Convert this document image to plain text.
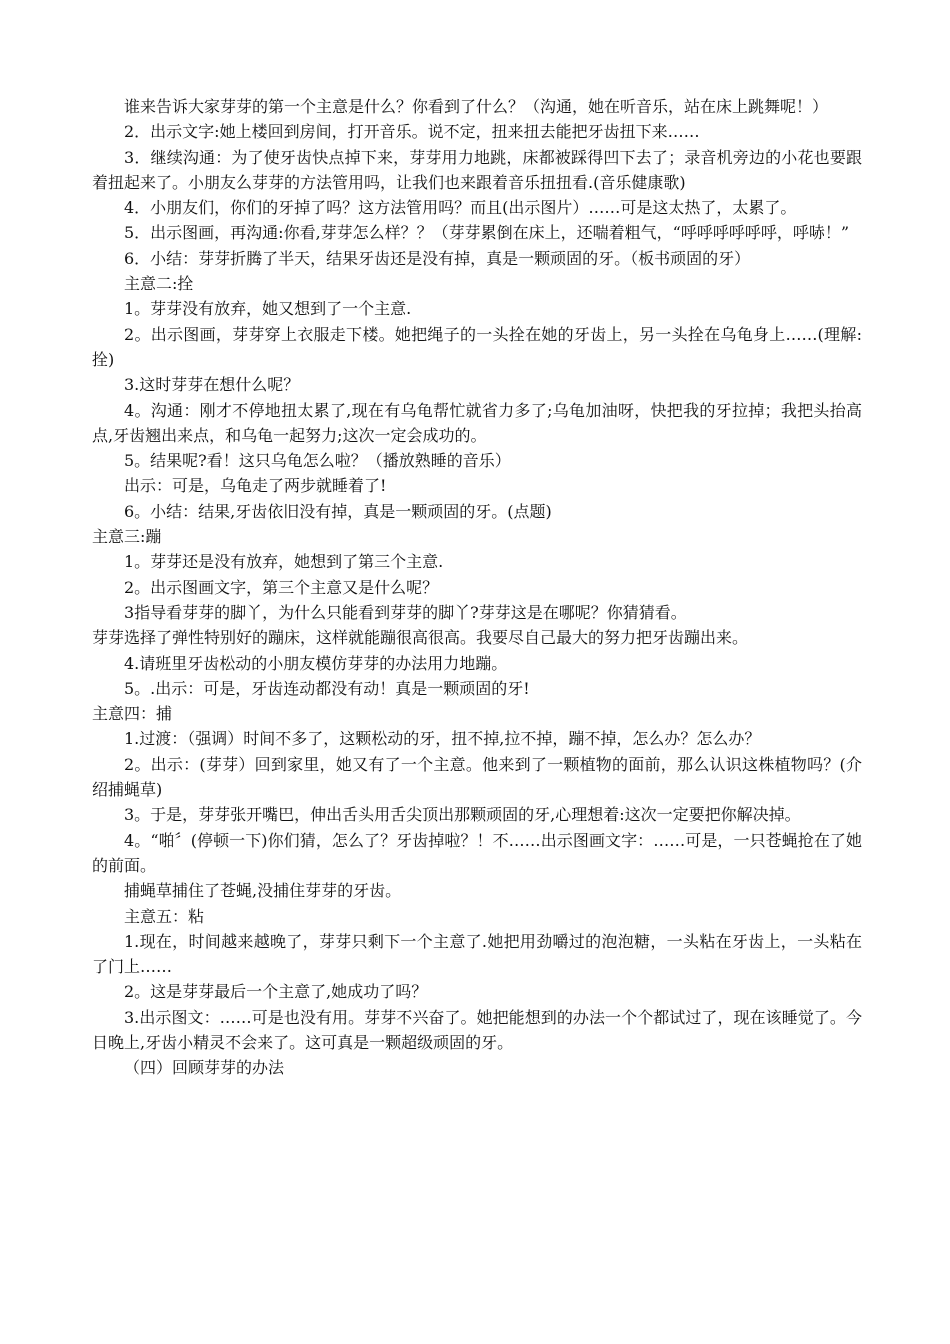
谁来告诉大家芽芽的第一个主意是什么？你看到了什么？（沟通，她在听音乐，站在床上跳舞呢！）

2．出示文字:她上楼回到房间，打开音乐。说不定，扭来扭去能把牙齿扭下来……

3．继续沟通：为了使牙齿快点掉下来，芽芽用力地跳，床都被踩得凹下去了；录音机旁边的小花也要跟着扭起来了。小朋友么芽芽的方法管用吗，让我们也来跟着音乐扭扭看.(音乐健康歌)

4．小朋友们，你们的牙掉了吗？这方法管用吗？而且(出示图片）……可是这太热了，太累了。

5．出示图画，再沟通:你看,芽芽怎么样？？（芽芽累倒在床上，还喘着粗气，“呼呼呼呼呼呼，呼哧！”

6．小结：芽芽折腾了半天，结果牙齿还是没有掉，真是一颗顽固的牙。（板书顽固的牙）

主意二:拴

1。芽芽没有放弃，她又想到了一个主意.

2。出示图画，芽芽穿上衣服走下楼。她把绳子的一头拴在她的牙齿上，另一头拴在乌龟身上……(理解:拴)

3.这时芽芽在想什么呢？

4。沟通：刚才不停地扭太累了,现在有乌龟帮忙就省力多了;乌龟加油呀，快把我的牙拉掉；我把头抬高点,牙齿翘出来点，和乌龟一起努力;这次一定会成功的。

5。结果呢?看！这只乌龟怎么啦？（播放熟睡的音乐）

出示：可是，乌龟走了两步就睡着了!

6。小结：结果,牙齿依旧没有掉，真是一颗顽固的牙。(点题)

主意三:蹦

1。芽芽还是没有放弃，她想到了第三个主意.

2。出示图画文字，第三个主意又是什么呢？

3指导看芽芽的脚丫，为什么只能看到芽芽的脚丫?芽芽这是在哪呢？你猜猜看。

芽芽选择了弹性特别好的蹦床，这样就能蹦很高很高。我要尽自己最大的努力把牙齿蹦出来。

4.请班里牙齿松动的小朋友模仿芽芽的办法用力地蹦。

5。.出示：可是，牙齿连动都没有动！真是一颗顽固的牙!

主意四：捕

1.过渡：（强调）时间不多了，这颗松动的牙，扭不掉,拉不掉，蹦不掉，怎么办？怎么办？

2。出示：(芽芽）回到家里，她又有了一个主意。他来到了一颗植物的面前，那么认识这株植物吗？(介绍捕蝇草)

3。于是，芽芽张开嘴巴，伸出舌头用舌尖顶出那颗顽固的牙,心理想着:这次一定要把你解决掉。

4。“啪〞(停顿一下)你们猜，怎么了？牙齿掉啦？！不……出示图画文字：……可是，一只苍蝇抢在了她的前面。

捕蝇草捕住了苍蝇,没捕住芽芽的牙齿。

主意五：粘

1.现在，时间越来越晚了，芽芽只剩下一个主意了.她把用劲嚼过的泡泡糖，一头粘在牙齿上，一头粘在了门上……

2。这是芽芽最后一个主意了,她成功了吗？

3.出示图文：……可是也没有用。芽芽不兴奋了。她把能想到的办法一个个都试过了，现在该睡觉了。今日晚上,牙齿小精灵不会来了。这可真是一颗超级顽固的牙。

（四）回顾芽芽的办法
